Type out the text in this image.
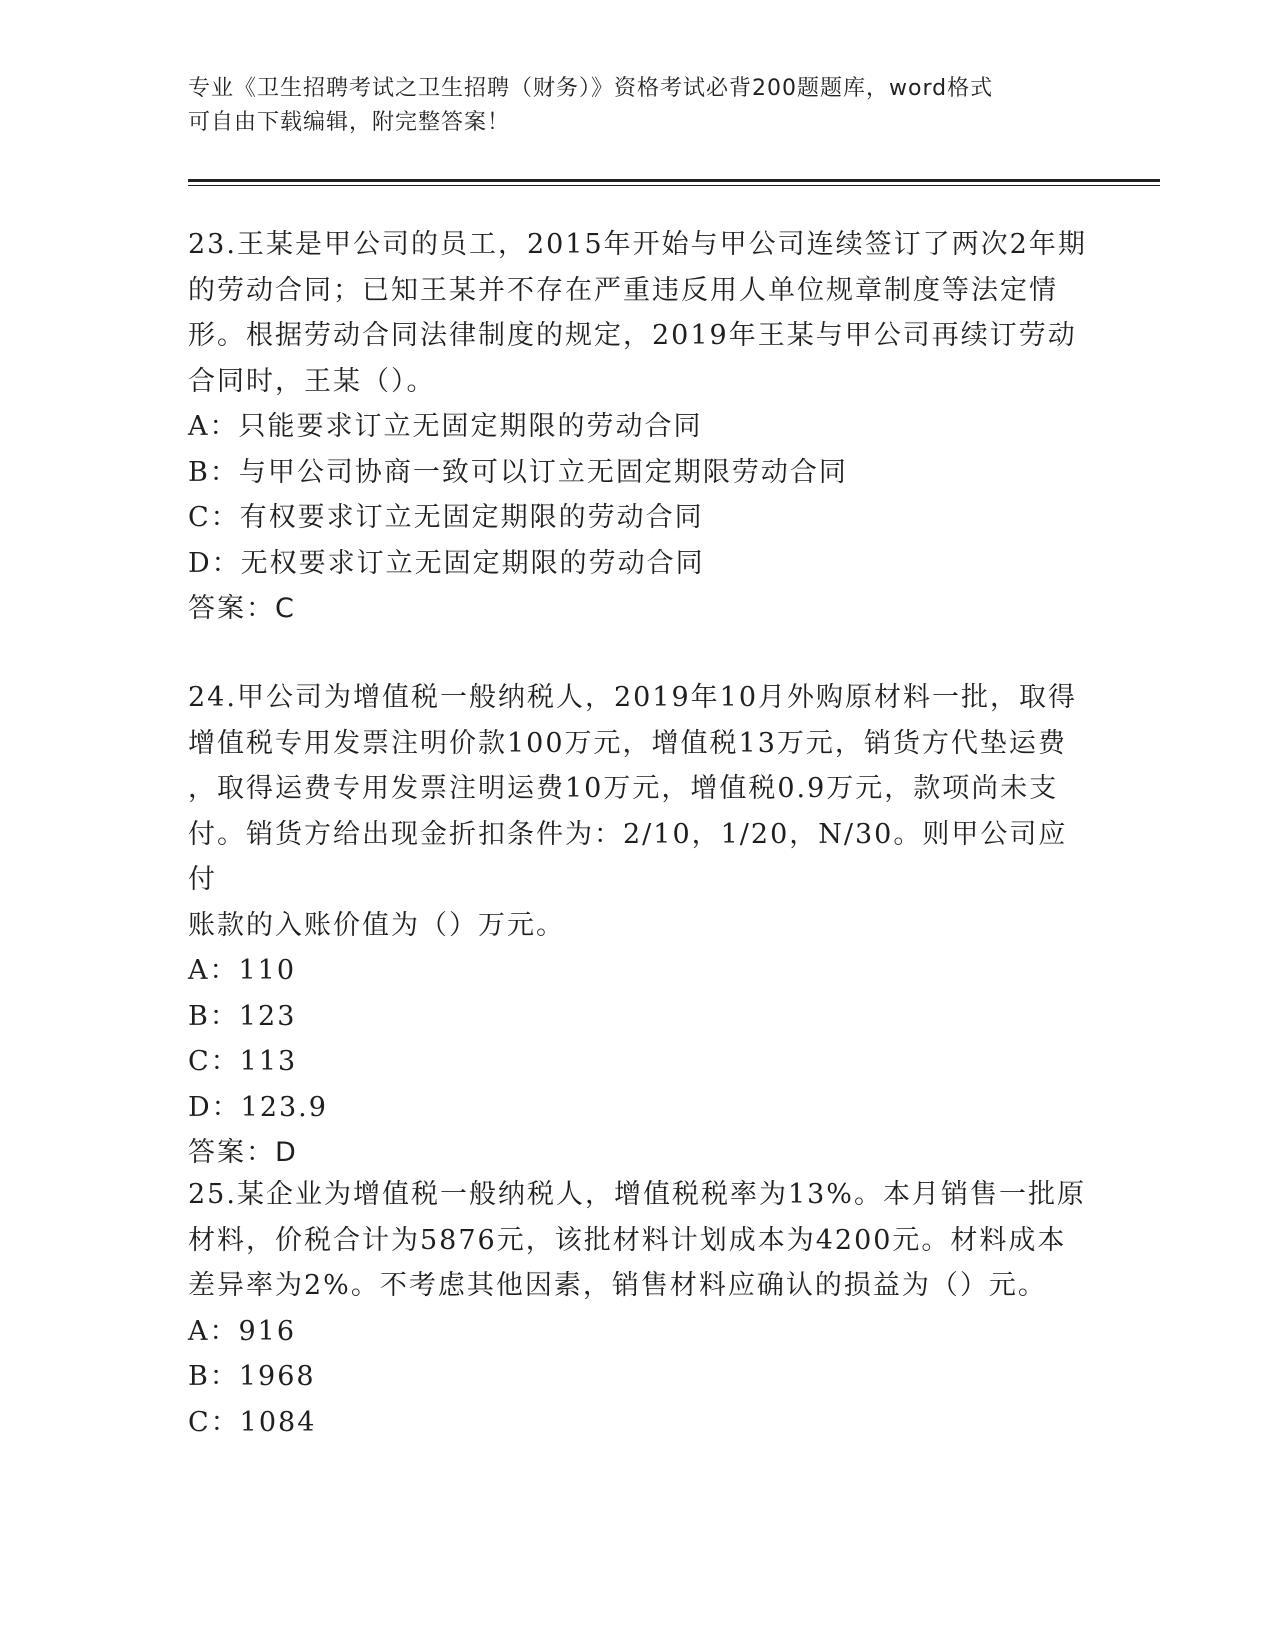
专业《卫生招聘考试之卫生招聘（财务）》资格考试必背200题题库，word格式
可自由下载编辑，附完整答案！

23.王某是甲公司的员工，2015年开始与甲公司连续签订了两次2年期

的劳动合同；已知王某并不存在严重违反用人单位规章制度等法定情

形。根据劳动合同法律制度的规定，2019年王某与甲公司再续订劳动

合同时，王某（）。

A：只能要求订立无固定期限的劳动合同

B：与甲公司协商一致可以订立无固定期限劳动合同

C：有权要求订立无固定期限的劳动合同

D：无权要求订立无固定期限的劳动合同

答案：C

24.甲公司为增值税一般纳税人，2019年10月外购原材料一批，取得

增值税专用发票注明价款100万元，增值税13万元，销货方代垫运费

，取得运费专用发票注明运费10万元，增值税0.9万元，款项尚未支

付。销货方给出现金折扣条件为：2/10，1/20，N/30。则甲公司应付

账款的入账价值为（）万元。

A：110

B：123

C：113

D：123.9

答案：D

25.某企业为增值税一般纳税人，增值税税率为13%。本月销售一批原

材料，价税合计为5876元，该批材料计划成本为4200元。材料成本

差异率为2%。不考虑其他因素，销售材料应确认的损益为（）元。

A：916

B：1968

C：1084
